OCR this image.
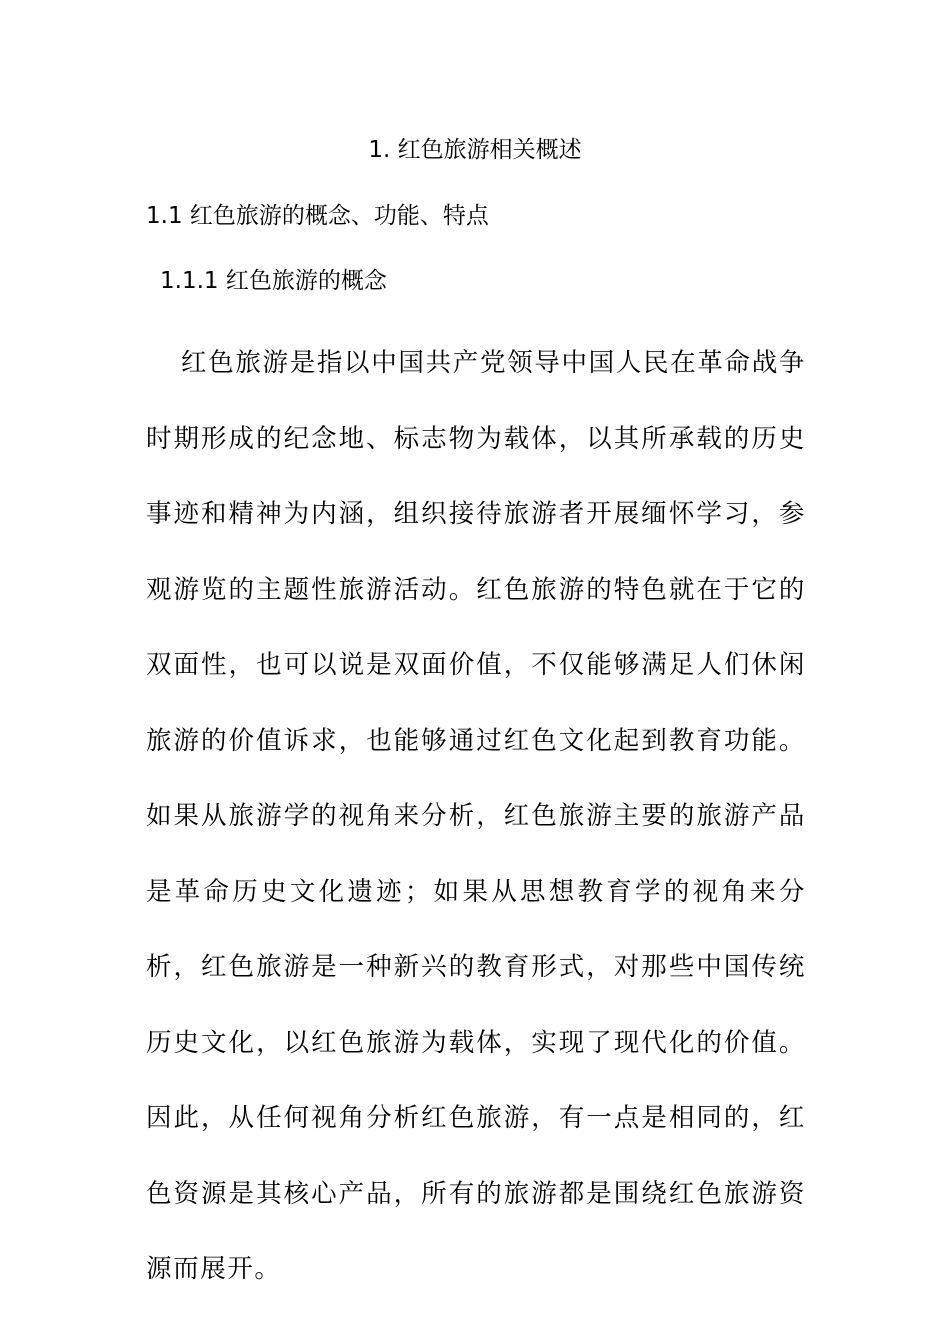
1. 红色旅游相关概述
1.1 红色旅游的概念、功能、特点
1.1.1 红色旅游的概念

红色旅游是指以中国共产党领导中国人民在革命战争时期形成的纪念地、标志物为载体，以其所承载的历史事迹和精神为内涵，组织接待旅游者开展缅怀学习，参观游览的主题性旅游活动。红色旅游的特色就在于它的双面性，也可以说是双面价值，不仅能够满足人们休闲旅游的价值诉求，也能够通过红色文化起到教育功能。如果从旅游学的视角来分析，红色旅游主要的旅游产品是革命历史文化遗迹；如果从思想教育学的视角来分析，红色旅游是一种新兴的教育形式，对那些中国传统历史文化，以红色旅游为载体，实现了现代化的价值。因此，从任何视角分析红色旅游，有一点是相同的，红色资源是其核心产品，所有的旅游都是围绕红色旅游资源而展开。
